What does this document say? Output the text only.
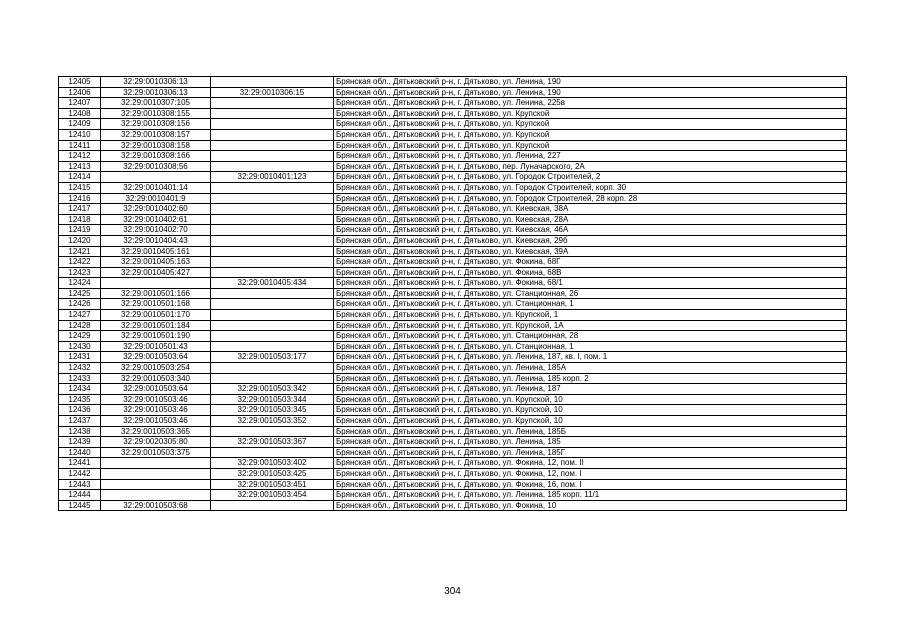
12405	32:29:0010306:13		Брянская обл., Дятьковский р-н, г. Дятьково, ул. Ленина, 190
12406	32:29:0010306:13	32:29:0010306:15	Брянская обл., Дятьковский р-н, г. Дятьково, ул. Ленина, 190
12407	32:29:0010307:105		Брянская обл., Дятьковский р-н, г. Дятьково, ул. Ленина, 225в
12408	32:29:0010308:155		Брянская обл., Дятьковский р-н, г. Дятьково, ул. Крупской
12409	32:29:0010308:156		Брянская обл., Дятьковский р-н, г. Дятьково, ул. Крупской
12410	32:29:0010308:157		Брянская обл., Дятьковский р-н, г. Дятьково, ул. Крупской
12411	32:29:0010308:158		Брянская обл., Дятьковский р-н, г. Дятьково, ул. Крупской
12412	32:29:0010308:166		Брянская обл., Дятьковский р-н, г. Дятьково, ул. Ленина, 227
12413	32:29:0010308:56		Брянская обл., Дятьковский р-н, г. Дятьково, пер. Луначарского, 2А
12414		32:29:0010401:123	Брянская обл., Дятьковский р-н, г. Дятьково, ул. Городок Строителей, 2
12415	32:29:0010401:14		Брянская обл., Дятьковский р-н, г. Дятьково, ул. Городок Строителей, корп. 30
12416	32:29:0010401:9		Брянская обл., Дятьковский р-н, г. Дятьково, ул. Городок Строителей, 28 корп. 28
12417	32:29:0010402:60		Брянская обл., Дятьковский р-н, г. Дятьково, ул. Киевская, 38А
12418	32:29:0010402:61		Брянская обл., Дятьковский р-н, г. Дятьково, ул. Киевская, 28А
12419	32:29:0010402:70		Брянская обл., Дятьковский р-н, г. Дятьково, ул. Киевская, 46А
12420	32:29:0010404:43		Брянская обл., Дятьковский р-н, г. Дятьково, ул. Киевская, 29б
12421	32:29:0010405:161		Брянская обл., Дятьковский р-н, г. Дятьково, ул. Киевская, 39А
12422	32:29:0010405:163		Брянская обл., Дятьковский р-н, г. Дятьково, ул. Фокина, 68Г
12423	32:29:0010405:427		Брянская обл., Дятьковский р-н, г. Дятьково, ул. Фокина, 68В
12424		32:29:0010405:434	Брянская обл., Дятьковский р-н, г. Дятьково, ул. Фокина, 68/1
12425	32:29:0010501:166		Брянская обл., Дятьковский р-н, г. Дятьково, ул. Станционная, 26
12426	32:29:0010501:168		Брянская обл., Дятьковский р-н, г. Дятьково, ул. Станционная, 1
12427	32:29:0010501:170		Брянская обл., Дятьковский р-н, г. Дятьково, ул. Крупской, 1
12428	32:29:0010501:184		Брянская обл., Дятьковский р-н, г. Дятьково, ул. Крупской, 1А
12429	32:29:0010501:190		Брянская обл., Дятьковский р-н, г. Дятьково, ул. Станционная, 28
12430	32:29:0010501:43		Брянская обл., Дятьковский р-н, г. Дятьково, ул. Станционная, 1
12431	32:29:0010503:64	32:29:0010503:177	Брянская обл., Дятьковский р-н, г. Дятьково, ул. Ленина, 187, кв. I, пом. 1
12432	32:29:0010503:254		Брянская обл., Дятьковский р-н, г. Дятьково, ул. Ленина, 185А
12433	32:29:0010503:340		Брянская обл., Дятьковский р-н, г. Дятьково, ул. Ленина, 185 корп. 2
12434	32:29:0010503:64	32:29:0010503:342	Брянская обл., Дятьковский р-н, г. Дятьково, ул. Ленина, 187
12435	32:29:0010503:46	32:29:0010503:344	Брянская обл., Дятьковский р-н, г. Дятьково, ул. Крупской, 10
12436	32:29:0010503:46	32:29:0010503:345	Брянская обл., Дятьковский р-н, г. Дятьково, ул. Крупской, 10
12437	32:29:0010503:46	32:29:0010503:352	Брянская обл., Дятьковский р-н, г. Дятьково, ул. Крупской, 10
12438	32:29:0010503:365		Брянская обл., Дятьковский р-н, г. Дятьково, ул. Ленина, 185Б
12439	32:29:0020305:80	32:29:0010503:367	Брянская обл., Дятьковский р-н, г. Дятьково, ул. Ленина, 185
12440	32:29:0010503:375		Брянская обл., Дятьковский р-н, г. Дятьково, ул. Ленина, 185Г
12441		32:29:0010503:402	Брянская обл., Дятьковский р-н, г. Дятьково, ул. Фокина, 12, пом. II
12442		32:29:0010503:425	Брянская обл., Дятьковский р-н, г. Дятьково, ул. Фокина, 12, пом. I
12443		32:29:0010503:451	Брянская обл., Дятьковский р-н, г. Дятьково, ул. Фокина, 16, пом. I
12444		32:29:0010503:454	Брянская обл., Дятьковский р-н, г. Дятьково, ул. Ленина, 185 корп. 11/1
12445	32:29:0010503:68		Брянская обл., Дятьковский р-н, г. Дятьково, ул. Фокина, 10
304
